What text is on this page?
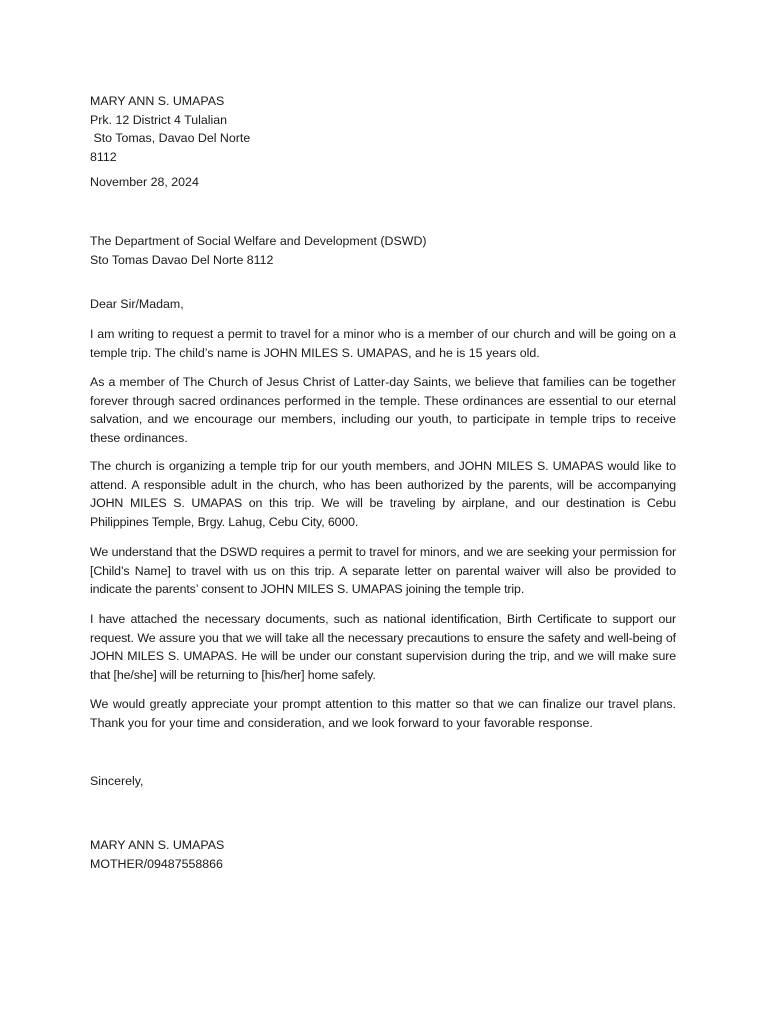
MARY ANN S. UMAPAS
Prk. 12 District 4 Tulalian
Sto Tomas, Davao Del Norte
8112

November 28, 2024

The Department of Social Welfare and Development (DSWD)
Sto Tomas Davao Del Norte 8112

Dear Sir/Madam,

I am writing to request a permit to travel for a minor who is a member of our church and will be going on a temple trip. The child’s name is JOHN MILES S. UMAPAS, and he is 15 years old.

As a member of The Church of Jesus Christ of Latter-day Saints, we believe that families can be together forever through sacred ordinances performed in the temple. These ordinances are essential to our eternal salvation, and we encourage our members, including our youth, to participate in temple trips to receive these ordinances.

The church is organizing a temple trip for our youth members, and JOHN MILES S. UMAPAS would like to attend. A responsible adult in the church, who has been authorized by the parents, will be accompanying JOHN MILES S. UMAPAS on this trip. We will be traveling by airplane, and our destination is Cebu Philippines Temple, Brgy. Lahug, Cebu City, 6000.

We understand that the DSWD requires a permit to travel for minors, and we are seeking your permission for [Child’s Name] to travel with us on this trip. A separate letter on parental waiver will also be provided to indicate the parents’ consent to JOHN MILES S. UMAPAS joining the temple trip.

I have attached the necessary documents, such as national identification, Birth Certificate to support our request. We assure you that we will take all the necessary precautions to ensure the safety and well-being of JOHN MILES S. UMAPAS. He will be under our constant supervision during the trip, and we will make sure that [he/she] will be returning to [his/her] home safely.

We would greatly appreciate your prompt attention to this matter so that we can finalize our travel plans. Thank you for your time and consideration, and we look forward to your favorable response.

Sincerely,

MARY ANN S. UMAPAS
MOTHER/09487558866
